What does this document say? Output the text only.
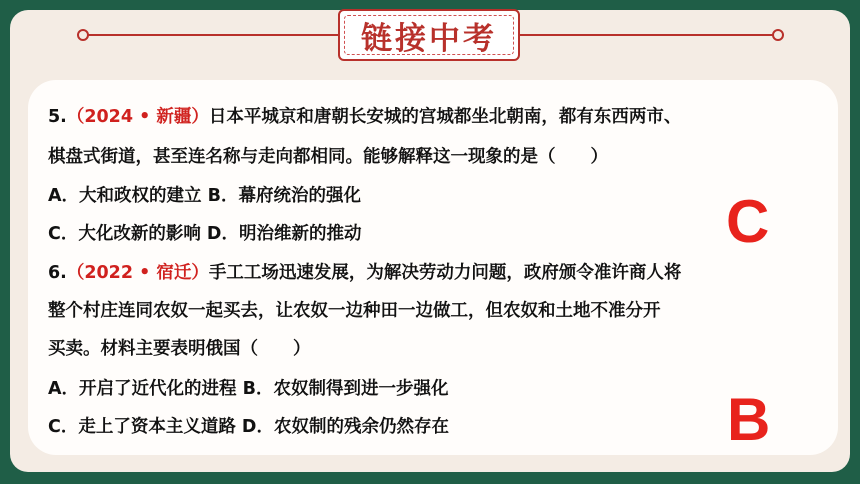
链接中考
5.（2024 • 新疆）日本平城京和唐朝长安城的宫城都坐北朝南，都有东西两市、
棋盘式街道，甚至连名称与走向都相同。能够解释这一现象的是（　　）
A．大和政权的建立 B．幕府统治的强化
C．大化改新的影响 D．明治维新的推动
6.（2022 • 宿迁）手工工场迅速发展，为解决劳动力问题，政府颁令准许商人将
整个村庄连同农奴一起买去，让农奴一边种田一边做工，但农奴和土地不准分开
买卖。材料主要表明俄国（　　）
A．开启了近代化的进程 B．农奴制得到进一步强化
C．走上了资本主义道路 D．农奴制的残余仍然存在
C
B
